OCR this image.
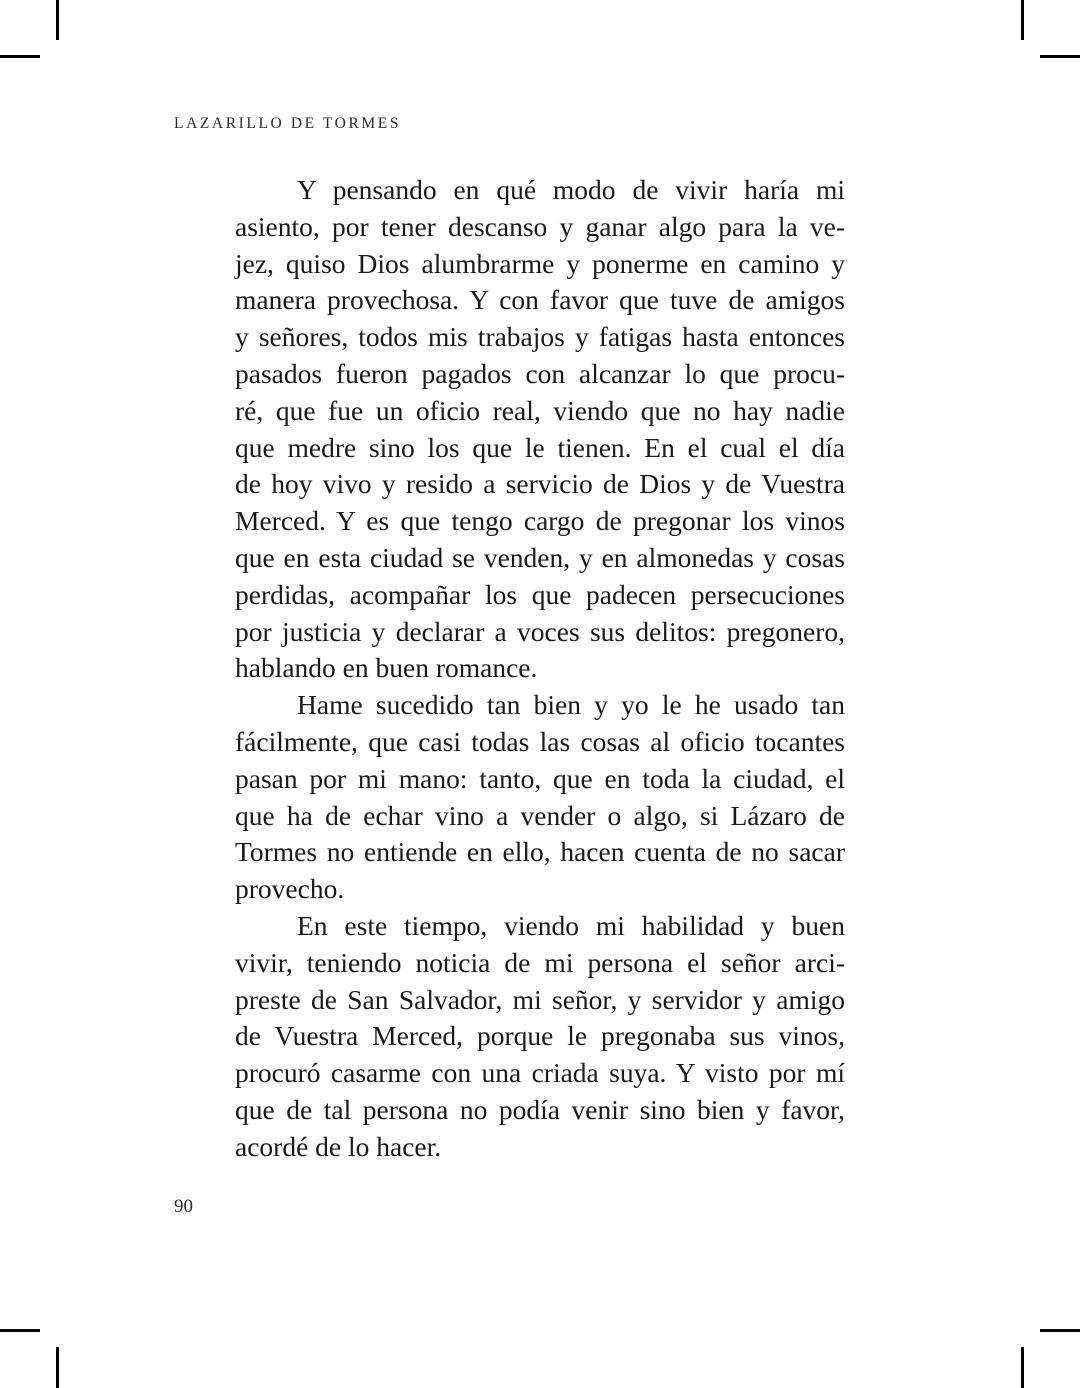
LAZARILLO DE TORMES

Y pensando en qué modo de vivir haría mi
asiento, por tener descanso y ganar algo para la ve-
jez, quiso Dios alumbrarme y ponerme en camino y
manera provechosa. Y con favor que tuve de amigos
y señores, todos mis trabajos y fatigas hasta entonces
pasados fueron pagados con alcanzar lo que procu-
ré, que fue un oficio real, viendo que no hay nadie
que medre sino los que le tienen. En el cual el día
de hoy vivo y resido a servicio de Dios y de Vuestra
Merced. Y es que tengo cargo de pregonar los vinos
que en esta ciudad se venden, y en almonedas y cosas
perdidas, acompañar los que padecen persecuciones
por justicia y declarar a voces sus delitos: pregonero,
hablando en buen romance.

Hame sucedido tan bien y yo le he usado tan
fácilmente, que casi todas las cosas al oficio tocantes
pasan por mi mano: tanto, que en toda la ciudad, el
que ha de echar vino a vender o algo, si Lázaro de
Tormes no entiende en ello, hacen cuenta de no sacar
provecho.

En este tiempo, viendo mi habilidad y buen
vivir, teniendo noticia de mi persona el señor arci-
preste de San Salvador, mi señor, y servidor y amigo
de Vuestra Merced, porque le pregonaba sus vinos,
procuró casarme con una criada suya. Y visto por mí
que de tal persona no podía venir sino bien y favor,
acordé de lo hacer.

90
